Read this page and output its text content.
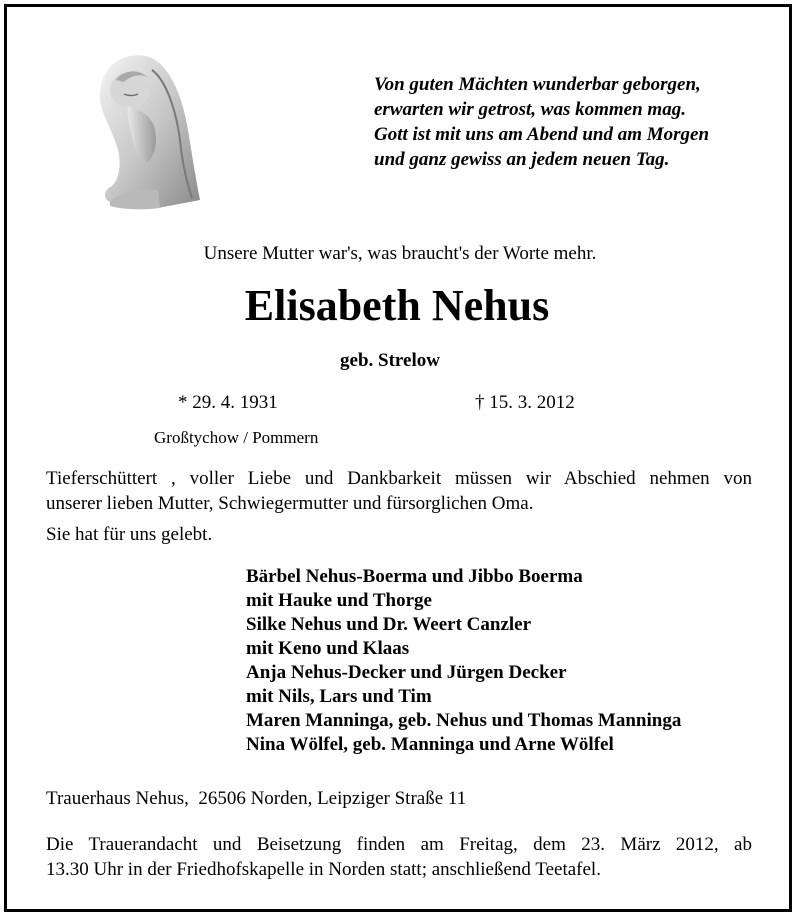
Von guten Mächten wunderbar geborgen,
erwarten wir getrost, was kommen mag.
Gott ist mit uns am Abend und am Morgen
und ganz gewiss an jedem neuen Tag.
Unsere Mutter war's, was braucht's der Worte mehr.
Elisabeth Nehus
geb. Strelow
* 29. 4. 1931	† 15. 3. 2012
Großtychow / Pommern
Tieferschüttert , voller Liebe und Dankbarkeit müssen wir Abschied nehmen von
unserer lieben Mutter, Schwiegermutter und fürsorglichen Oma.
Sie hat für uns gelebt.
Bärbel Nehus-Boerma und Jibbo Boerma
mit Hauke und Thorge
Silke Nehus und Dr. Weert Canzler
mit Keno und Klaas
Anja Nehus-Decker und Jürgen Decker
mit Nils, Lars und Tim
Maren Manninga, geb. Nehus und Thomas Manninga
Nina Wölfel, geb. Manninga und Arne Wölfel
Trauerhaus Nehus,  26506 Norden, Leipziger Straße 11
Die Trauerandacht und Beisetzung finden am Freitag, dem 23. März 2012, ab
13.30 Uhr in der Friedhofskapelle in Norden statt; anschließend Teetafel.
